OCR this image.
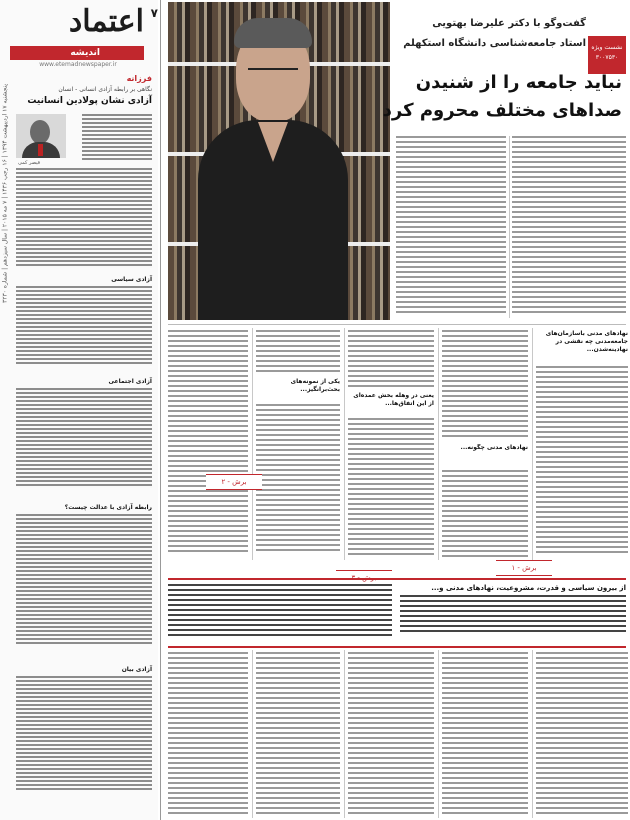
اعتماد ۷
اندیشه
www.etemadnewspaper.ir
پنجشنبه ۱۷ اردیبهشت ۱۳۹۴ | ۱۶ رجب ۱۴۳۶ | ۷ مه ۲۰۱۵ | سال سیزدهم | شماره ۳۲۳۰
فرزانه
نگاهی بر رابطه آزادی انسانی - انسان
آزادی نشان پولادین انسانیت
قیصر کمی
آزادی سیاسی
آزادی اجتماعی
رابطه آزادی با عدالت چیست؟
آزادی بیان
نشست ویژه
۳۰۰۷۵۳۰
گفت‌وگو با دکتر علیرضا بهتویی
استاد جامعه‌شناسی دانشگاه استکهلم
نباید جامعه را از شنیدن
صداهای مختلف محروم کرد
نهادهای مدنی باسازمان‌های جامعه‌مدنی چه نقشی در نهادینه‌شدن...
نهادهای مدنی چگونه...
یعنی در وهله بخش عمده‌ای از این اتفاق‌ها...
یکی از نمونه‌های بحث‌برانگیز...
برش - ۱
برش - ۲
از بیرون سیاسی و قدرت، مشروعیت، نهادهای مدنی و...
